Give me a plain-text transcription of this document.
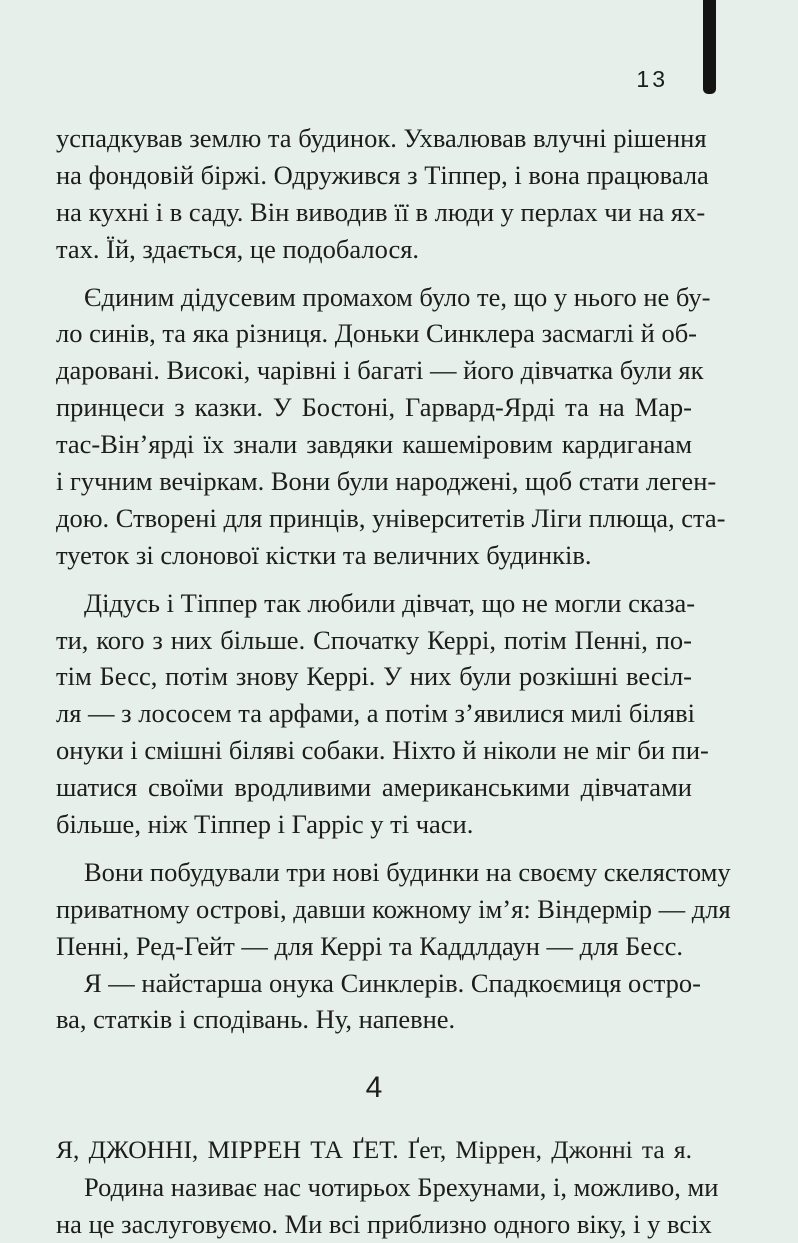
13
успадкував землю та будинок. Ухвалював влучні рішення
на фондовій біржі. Одружився з Тіппер, і вона працювала
на кухні і в саду. Він виводив її в люди у перлах чи на ях-
тах. Їй, здається, це подобалося.
Єдиним дідусевим промахом було те, що у нього не бу-
ло синів, та яка різниця. Доньки Синклера засмаглі й об-
даровані. Високі, чарівні і багаті — його дівчатка були як
принцеси з казки. У Бостоні, Гарвард-Ярді та на Мар-
тас-Він’ярді їх знали завдяки кашеміровим кардиганам
і гучним вечіркам. Вони були народжені, щоб стати леген-
дою. Створені для принців, університетів Ліги плюща, ста-
туеток зі слонової кістки та величних будинків.
Дідусь і Тіппер так любили дівчат, що не могли сказа-
ти, кого з них більше. Спочатку Керрі, потім Пенні, по-
тім Бесс, потім знову Керрі. У них були розкішні весіл-
ля — з лососем та арфами, а потім з’явилися милі біляві
онуки і смішні біляві собаки. Ніхто й ніколи не міг би пи-
шатися своїми вродливими американськими дівчатами
більше, ніж Тіппер і Гарріс у ті часи.
Вони побудували три нові будинки на своєму скелястому
приватному острові, давши кожному ім’я: Віндермір — для
Пенні, Ред-Гейт — для Керрі та Каддлдаун — для Бесс.
Я — найстарша онука Синклерів. Спадкоємиця остро-
ва, статків і сподівань. Ну, напевне.
4
Я, ДЖОННІ, МІРРЕН ТА ҐЕТ. Ґет, Міррен, Джонні та я.
Родина називає нас чотирьох Брехунами, і, можливо, ми
на це заслуговуємо. Ми всі приблизно одного віку, і у всіх
